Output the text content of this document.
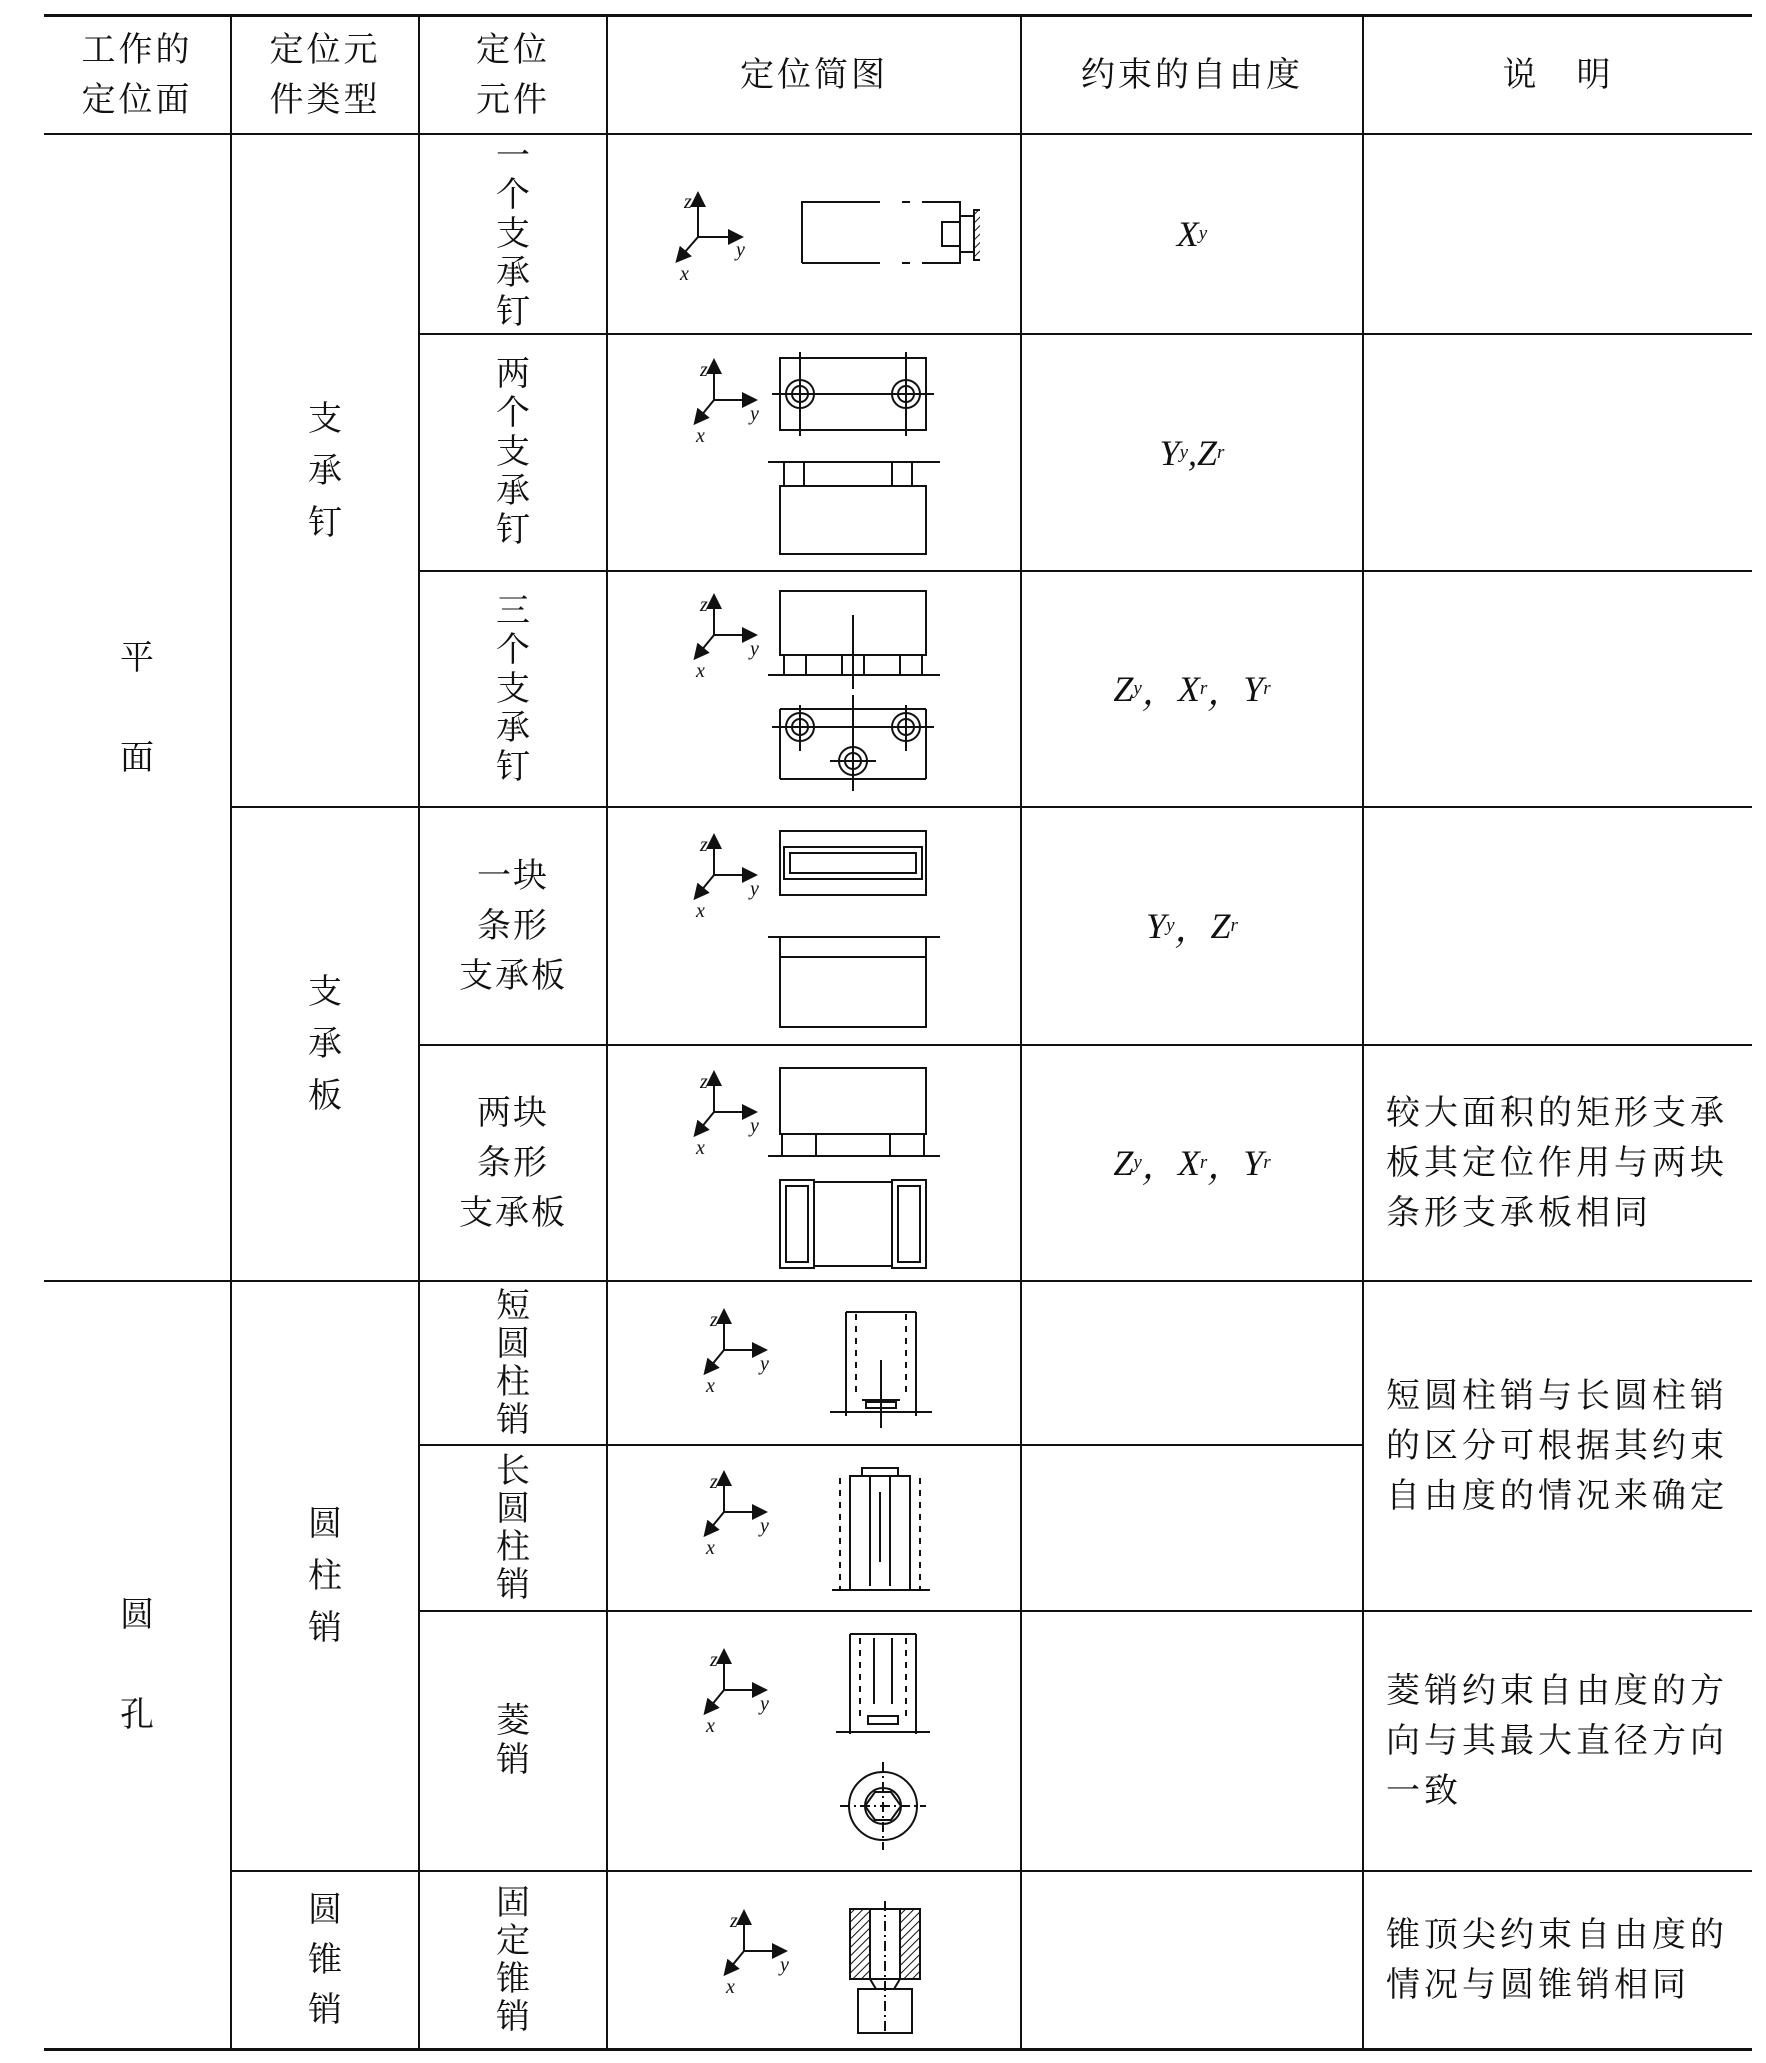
工作的
定位面
定位元
件类型
定位
元件
定位简图	约束的自由度	说　明
平

面
圆

孔
支
承
钉
支
承
板
圆
柱
销
圆
锥
销
一
个
支
承
钉
两
个
支
承
钉
三
个
支
承
钉
一块
条形
支承板
两块
条形
支承板
短
圆
柱
销
长
圆
柱
销
菱
销
固
定
锥
销
X y
Y y , Z r
Z y ， X r ， Y r
Y y ， Z r
Z y ， X r ， Y r
较大面积的矩形支承
板其定位作用与两块
条形支承板相同
短圆柱销与长圆柱销
的区分可根据其约束
自由度的情况来确定
菱销约束自由度的方
向与其最大直径方向
一致
锥顶尖约束自由度的
情况与圆锥销相同
z
y
x
z
y
x
z
y
x
z
y
x
z
y
x
z
y
x
z
y
x
z
y
x
z
y
x
